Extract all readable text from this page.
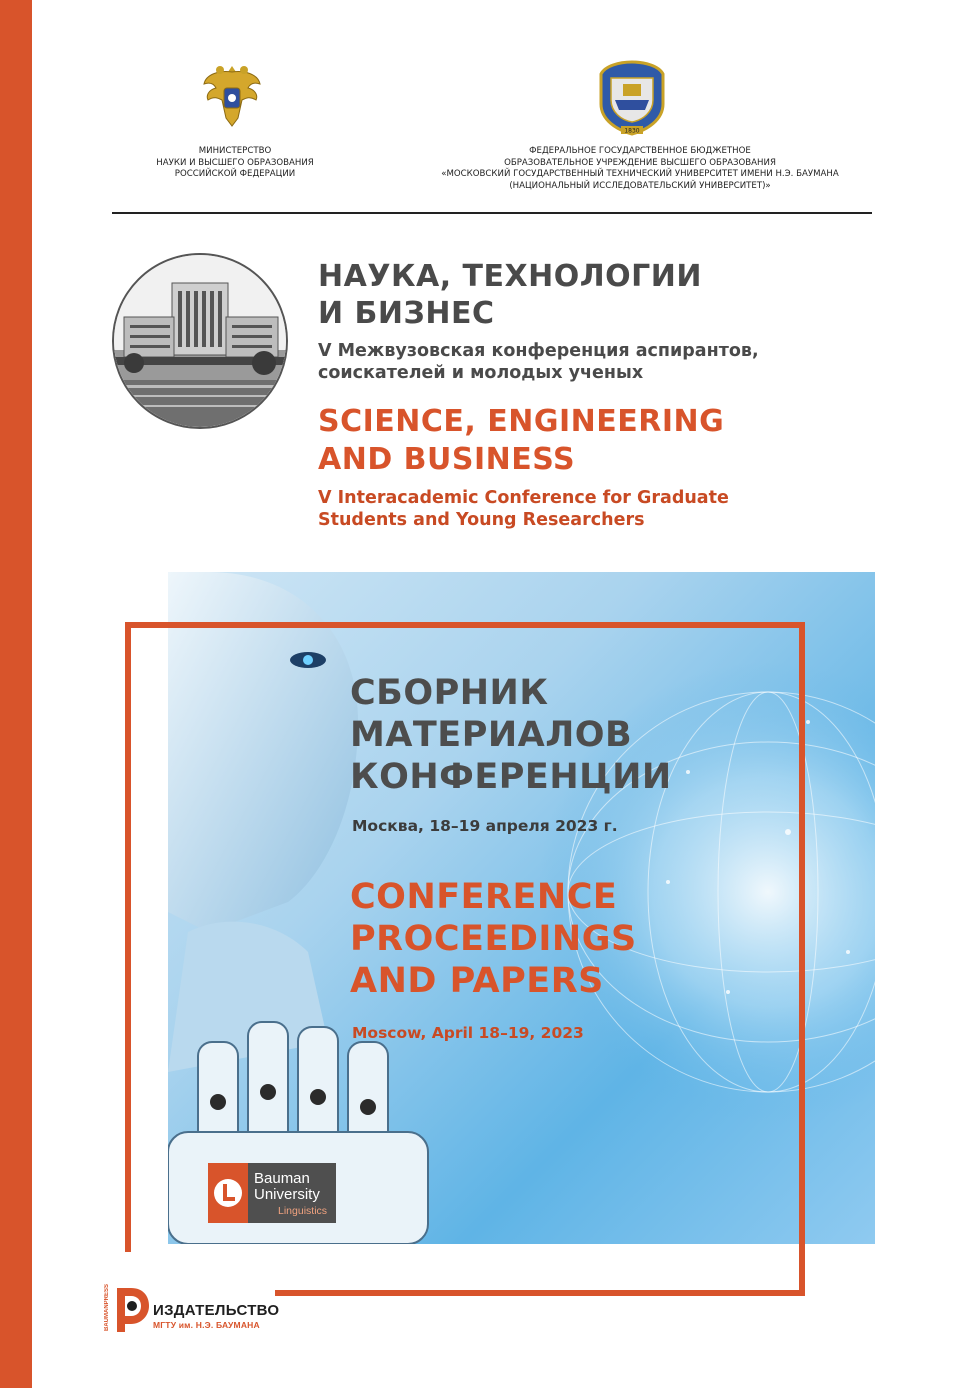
1830
МИНИСТЕРСТВО
НАУКИ И ВЫСШЕГО ОБРАЗОВАНИЯ
РОССИЙСКОЙ ФЕДЕРАЦИИ
ФЕДЕРАЛЬНОЕ ГОСУДАРСТВЕННОЕ БЮДЖЕТНОЕ
ОБРАЗОВАТЕЛЬНОЕ УЧРЕЖДЕНИЕ ВЫСШЕГО ОБРАЗОВАНИЯ
«МОСКОВСКИЙ ГОСУДАРСТВЕННЫЙ ТЕХНИЧЕСКИЙ УНИВЕРСИТЕТ ИМЕНИ Н.Э. БАУМАНА
(НАЦИОНАЛЬНЫЙ ИССЛЕДОВАТЕЛЬСКИЙ УНИВЕРСИТЕТ)»
НАУКА, ТЕХНОЛОГИИ
И БИЗНЕС
V Межвузовская конференция аспирантов,
соискателей и молодых ученых
SCIENCE, ENGINEERING
AND BUSINESS
V Interacademic Conference for Graduate
Students and Young Researchers
СБОРНИК
МАТЕРИАЛОВ
КОНФЕРЕНЦИИ
Москва, 18–19 апреля 2023 г.
CONFERENCE
PROCEEDINGS
AND PAPERS
Moscow, April 18–19, 2023
Bauman
University
Linguistics
BAUMANPRESS	ИЗДАТЕЛЬСТВО
МГТУ им. Н.Э. БАУМАНА
